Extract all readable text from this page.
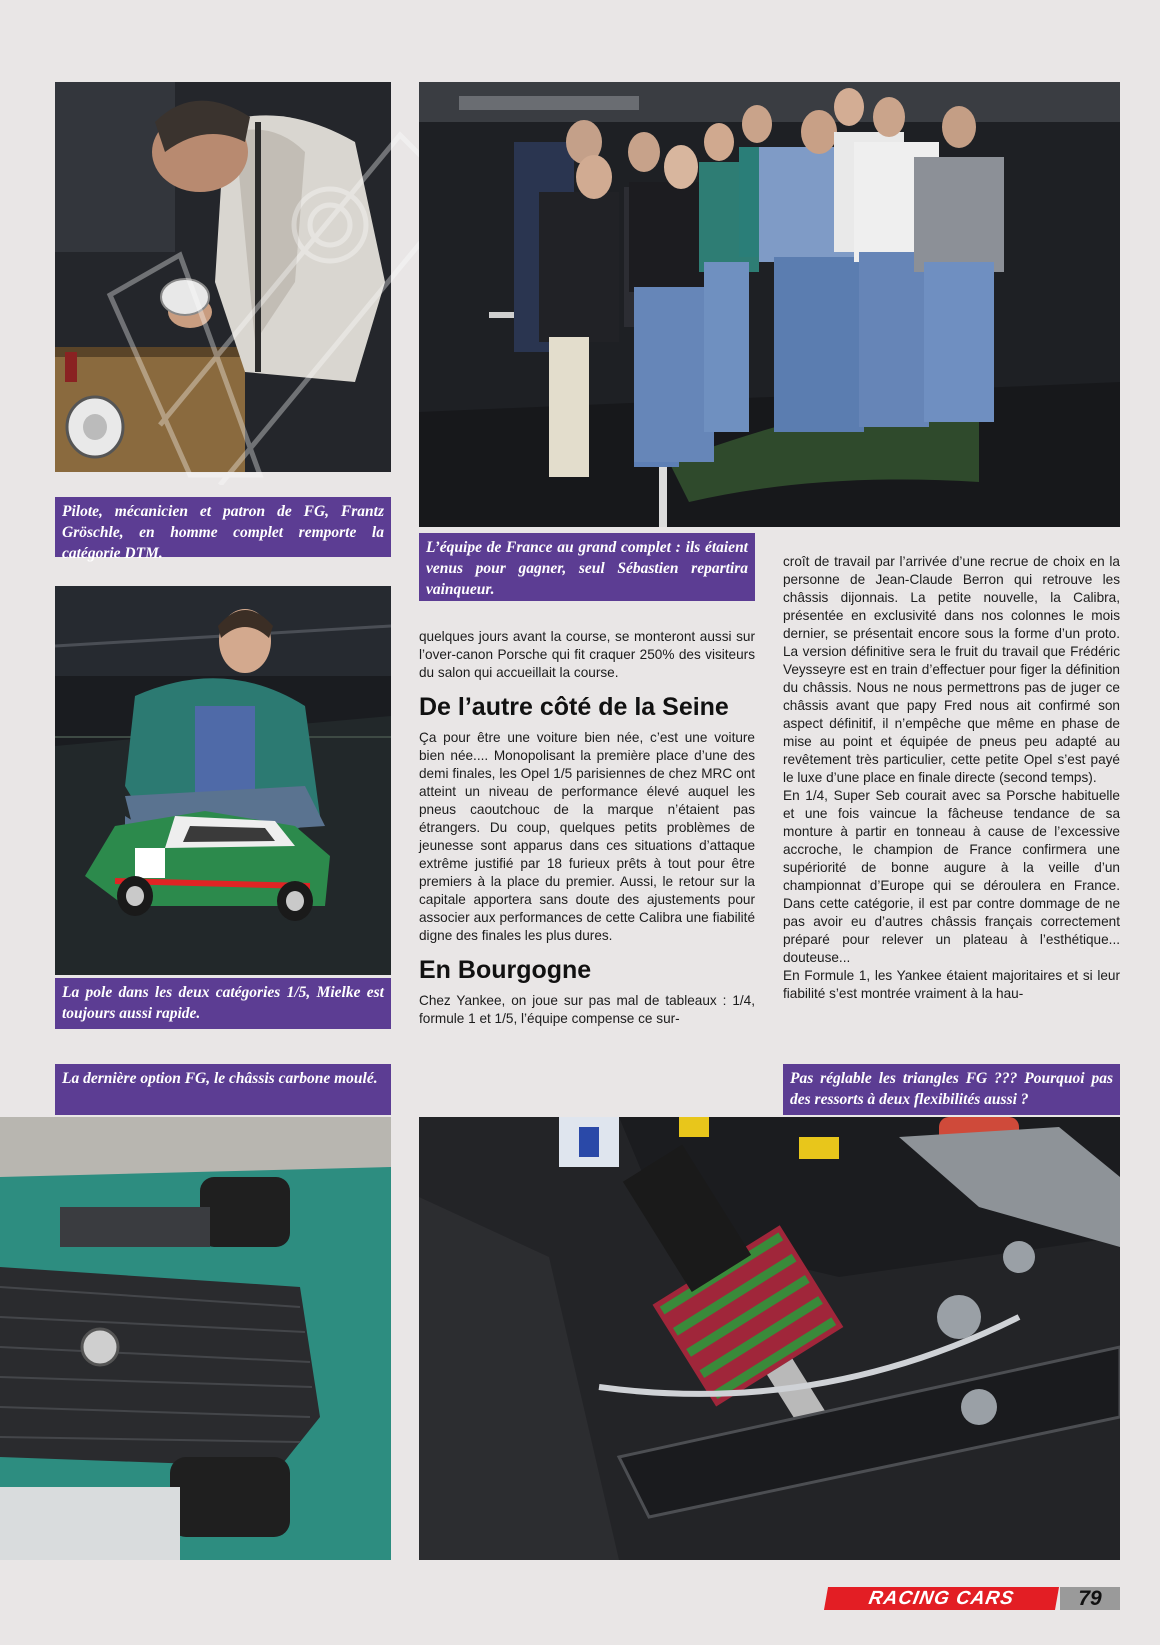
Pilote, mécanicien et patron de FG, Frantz Gröschle, en homme complet remporte la catégorie DTM.	L’équipe de France au grand complet : ils étaient venus pour gagner, seul Sébastien repartira vainqueur.
La pole dans les deux catégories 1/5, Mielke est toujours aussi rapide.

quelques jours avant la course, se monteront aussi sur l’over-canon Porsche qui fit craquer 250% des visiteurs du salon qui accueillait la course.

De l’autre côté de la Seine

Ça pour être une voiture bien née, c’est une voiture bien née.... Monopolisant la première place d’une des demi finales, les Opel 1/5 parisiennes de chez MRC ont atteint un niveau de performance élevé auquel les pneus caoutchouc de la marque n’étaient pas étrangers. Du coup, quelques petits problèmes de jeunesse sont apparus dans ces situations d’attaque extrême justifié par 18 furieux prêts à tout pour être premiers à la place du premier. Aussi, le retour sur la capitale apportera sans doute des ajustements pour associer aux performances de cette Calibra une fiabilité digne des finales les plus dures.

En Bourgogne

Chez Yankee, on joue sur pas mal de tableaux : 1/4, formule 1 et 1/5, l’équipe compense ce sur-

La dernière option FG, le châssis carbone moulé.

croît de travail par l’arrivée d’une recrue de choix en la personne de Jean-Claude Berron qui retrouve les châssis dijonnais. La petite nouvelle, la Calibra, présentée en exclusivité dans nos colonnes le mois dernier, se présentait encore sous la forme d’un proto. La version définitive sera le fruit du travail que Frédéric Veysseyre est en train d’effectuer pour figer la définition du châssis. Nous ne nous permettrons pas de juger ce châssis avant que papy Fred nous ait confirmé son aspect définitif, il n’empêche que même en phase de mise au point et équipée de pneus peu adapté au revêtement très particulier, cette petite Opel s’est payé le luxe d’une place en finale directe (second temps).

En 1/4, Super Seb courait avec sa Porsche habituelle et une fois vaincue la fâcheuse tendance de sa monture à partir en tonneau à cause de l’excessive accroche, le champion de France confirmera une supériorité de bonne augure à la veille d’un championnat d’Europe qui se déroulera en France. Dans cette catégorie, il est par contre dommage de ne pas avoir eu d’autres châssis français correctement préparé pour relever un plateau à l’esthétique... douteuse...

En Formule 1, les Yankee étaient majoritaires et si leur fiabilité s’est montrée vraiment à la hau-

Pas réglable les triangles FG ??? Pourquoi pas des ressorts à deux flexibilités aussi ?
RACING CARS	79
